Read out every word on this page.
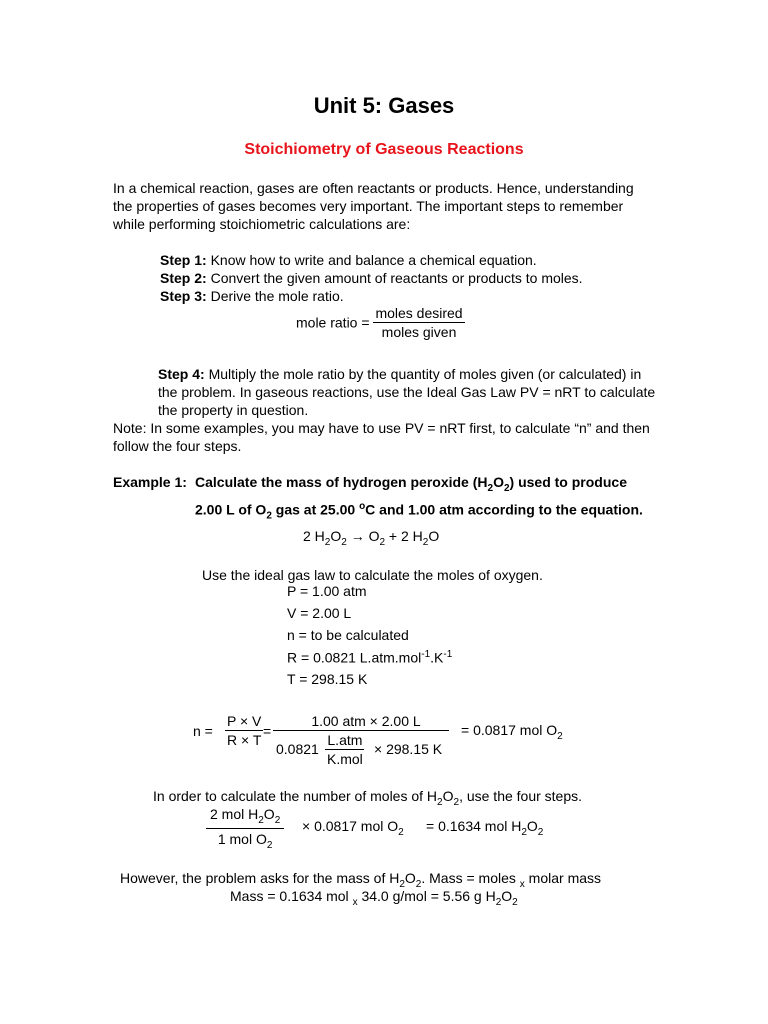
Unit 5: Gases
Stoichiometry of Gaseous Reactions
In a chemical reaction, gases are often reactants or products. Hence, understanding the properties of gases becomes very important. The important steps to remember while performing stoichiometric calculations are:
Step 1: Know how to write and balance a chemical equation.
Step 2: Convert the given amount of reactants or products to moles.
Step 3: Derive the mole ratio.
mole ratio = $\frac{\text{moles desired}}{\text{moles given}}$
Step 4: Multiply the mole ratio by the quantity of moles given (or calculated) in the problem. In gaseous reactions, use the Ideal Gas Law PV = nRT to calculate the property in question.
Note: In some examples, you may have to use PV = nRT first, to calculate “n” and then follow the four steps.
Example 1: Calculate the mass of hydrogen peroxide $(H_2O_2)$ used to produce 2.00 L of $O_2$ gas at 25.00 $^o$C and 1.00 atm according to the equation.
2 $H_2O_2 \to O_2 + 2$ $H_2O$
Use the ideal gas law to calculate the moles of oxygen.
P = 1.00 atm
V = 2.00 L
n = to be calculated
R = 0.0821 $L.atm.mol^{-1}.K^{-1}$
T = 298.15 K
$n = \frac{P \times V}{R \times T}$ =
1.00 atm × 2.00 L
0.0821
L.atm
K.mol
× 298.15 K
= 0.0817 mol $O_2$
In order to calculate the number of moles of $H_2O_2$, use the four steps.
2 mol $H_2O_2$
1 mol $O_2$
× 0.0817 mol $O_2 = 0.1634$ mol $H_2O_2$
However, the problem asks for the mass of $H_2O_2$. Mass = moles $_x$ molar mass
Mass = 0.1634 mol $_x$ 34.0 g/mol = 5.56 g $H_2O_2$
